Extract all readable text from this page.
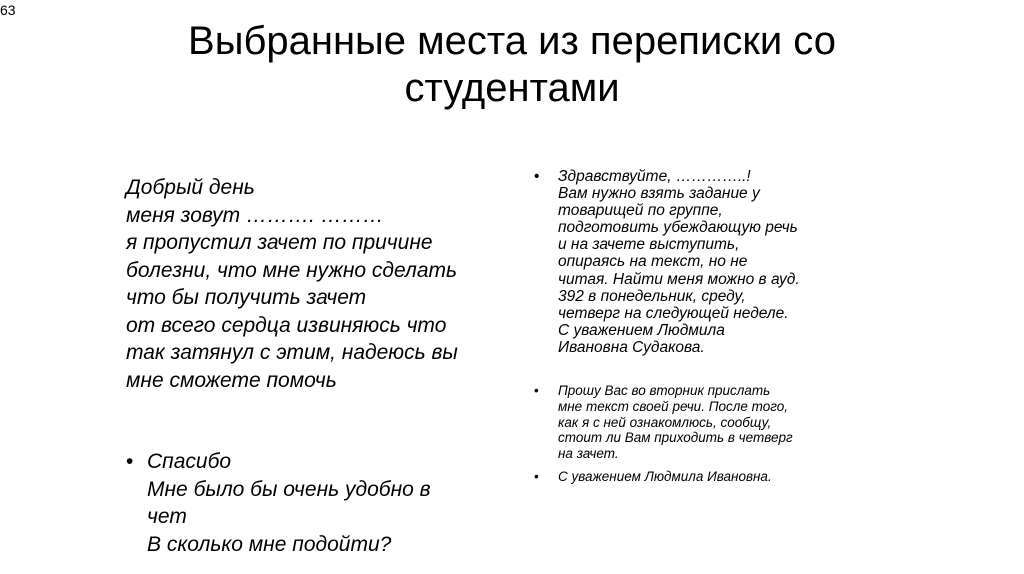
63
Выбранные места из переписки со
студентами
Добрый день
меня зовут ………. ………
я пропустил зачет по причине
болезни, что мне нужно сделать
что бы получить зачет
от всего сердца извиняюсь что
так затянул с этим, надеюсь вы
мне сможете помочь
• Спасибо
Мне было бы очень удобно в
чет
В сколько мне подойти?
• Здравствуйте, …………..!
Вам нужно взять задание у
товарищей по группе,
подготовить убеждающую речь
и на зачете выступить,
опираясь на текст, но не
читая. Найти меня можно в ауд.
392 в понедельник, среду,
четверг на следующей неделе.
С уважением Людмила
Ивановна Судакова.
• Прошу Вас во вторник прислать
мне текст своей речи. После того,
как я с ней ознакомлюсь, сообщу,
стоит ли Вам приходить в четверг
на зачет.
• С уважением Людмила Ивановна.
